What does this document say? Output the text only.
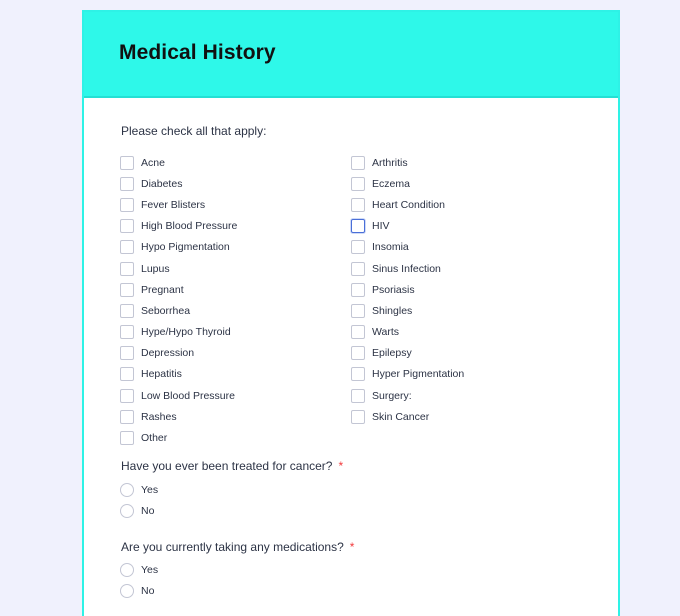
Medical History
Please check all that apply:
Acne
Diabetes
Fever Blisters
High Blood Pressure
Hypo Pigmentation
Lupus
Pregnant
Seborrhea
Hype/Hypo Thyroid
Depression
Hepatitis
Low Blood Pressure
Rashes
Other
Arthritis
Eczema
Heart Condition
HIV
Insomia
Sinus Infection
Psoriasis
Shingles
Warts
Epilepsy
Hyper Pigmentation
Surgery:
Skin Cancer
Have you ever been treated for cancer? *
Yes
No
Are you currently taking any medications? *
Yes
No
